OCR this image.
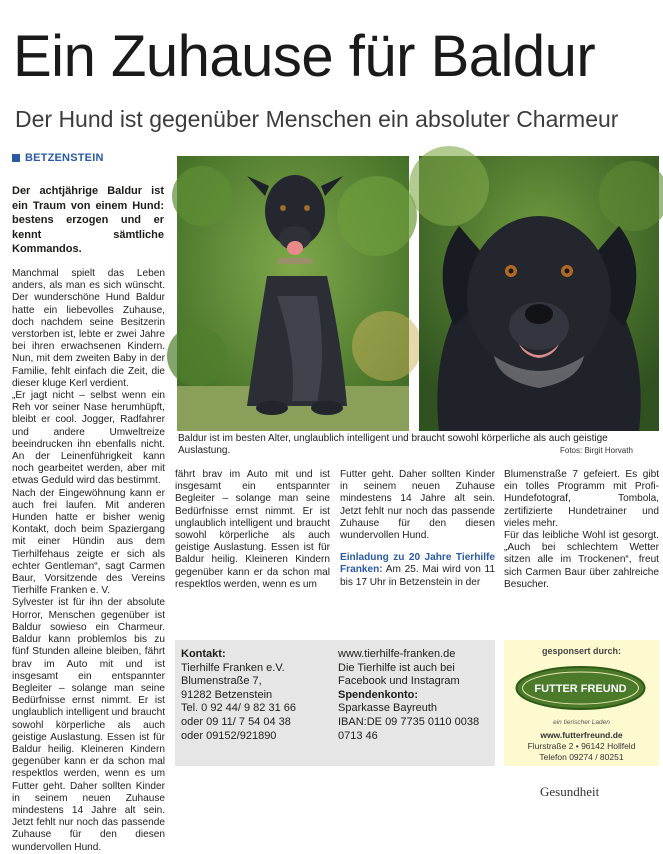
Ein Zuhause für Baldur
Der Hund ist gegenüber Menschen ein absoluter Charmeur
BETZENSTEIN
Der achtjährige Baldur ist ein Traum von einem Hund: bestens erzogen und er kennt sämtliche Kommandos.

Manchmal spielt das Leben anders, als man es sich wünscht. Der wunderschöne Hund Baldur hatte ein liebevolles Zuhause, doch nachdem seine Besitzerin verstorben ist, lebte er zwei Jahre bei ihren erwachsenen Kindern. Nun, mit dem zweiten Baby in der Familie, fehlt einfach die Zeit, die dieser kluge Kerl verdient.

„Er jagt nicht – selbst wenn ein Reh vor seiner Nase herumhüpft, bleibt er cool. Jogger, Radfahrer und andere Umweltreize beeindrucken ihn ebenfalls nicht. An der Leinenführigkeit kann noch gearbeitet werden, aber mit etwas Geduld wird das bestimmt.

Nach der Eingewöhnung kann er auch frei laufen. Mit anderen Hunden hatte er bisher wenig Kontakt, doch beim Spaziergang mit einer Hündin aus dem Tierhilfehaus zeigte er sich als echter Gentleman“, sagt Carmen Baur, Vorsitzende des Vereins Tierhilfe Franken e. V.

Sylvester ist für ihn der absolute Horror, Menschen gegenüber ist Baldur sowieso ein Charmeur. Baldur kann problemlos bis zu fünf Stunden alleine bleiben, fährt brav im Auto mit und ist insgesamt ein entspannter Begleiter – solange man seine Bedürfnisse ernst nimmt. Er ist unglaublich intelligent und braucht sowohl körperliche als auch geistige Auslastung. Essen ist für Baldur heilig. Kleineren Kindern gegenüber kann er da schon mal respektlos werden, wenn es um Futter geht. Daher sollten Kinder in seinem neuen Zuhause mindestens 14 Jahre alt sein. Jetzt fehlt nur noch das passende Zuhause für den diesen wundervollen Hund.

Baldur ist im besten Alter, unglaublich intelligent und braucht sowohl körperliche als auch geistige Auslastung.	Fotos: Birgit Horvath

fährt brav im Auto mit und ist insgesamt ein entspannter Begleiter – solange man seine Bedürfnisse ernst nimmt. Er ist unglaublich intelligent und braucht sowohl körperliche als auch geistige Auslastung. Essen ist für Baldur heilig. Kleineren Kindern gegenüber kann er da schon mal respektlos werden, wenn es um

Futter geht. Daher sollten Kinder in seinem neuen Zuhause mindestens 14 Jahre alt sein. Jetzt fehlt nur noch das passende Zuhause für den diesen wundervollen Hund.

Einladung zu 20 Jahre Tierhilfe Franken: Am 25. Mai wird von 11 bis 17 Uhr in Betzenstein in der

Blumenstraße 7 gefeiert. Es gibt ein tolles Programm mit Profi-Hundefotograf, Tombola, zertifizierte Hundetrainer und vieles mehr.

Für das leibliche Wohl ist gesorgt. „Auch bei schlechtem Wetter sitzen alle im Trockenen“, freut sich Carmen Baur über zahlreiche Besucher.

Kontakt:
Tierhilfe Franken e.V.
Blumenstraße 7,
91282 Betzenstein
Tel. 0 92 44/ 9 82 31 66
oder 09 11/ 7 54 04 38
oder 09152/921890
www.tierhilfe-franken.de
Die Tierhilfe ist auch bei Facebook und Instagram
Spendenkonto:
Sparkasse Bayreuth
IBAN:DE 09 7735 0110 0038 0713 46
gesponsert durch:
FUTTER FREUND
ein tierischer Laden
www.futterfreund.de
Flurstraße 2 • 96142 Hollfeld
Telefon 09274 / 80251
Gesundheit
